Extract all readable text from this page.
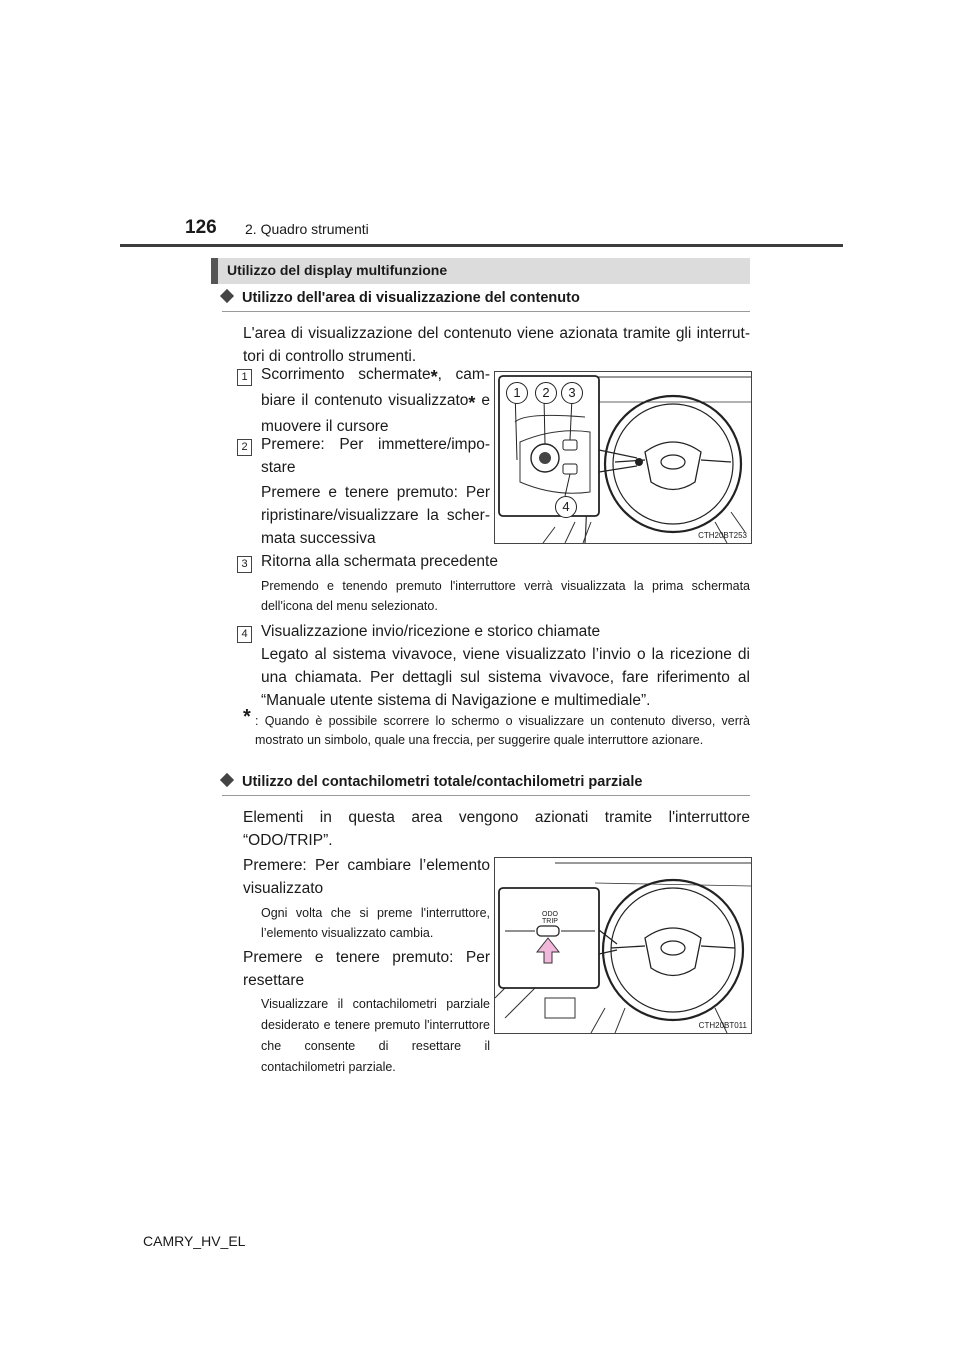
126 2. Quadro strumenti
Utilizzo del display multifunzione
Utilizzo dell'area di visualizzazione del contenuto
L'area di visualizzazione del contenuto viene azionata tramite gli interruttori di controllo strumenti.
1 Scorrimento schermate*, cambiare il contenuto visualizzato* e muovere il cursore
2 Premere: Per immettere/impostare
Premere e tenere premuto: Per ripristinare/visualizzare la schermata successiva
3 Ritorna alla schermata precedente
Premendo e tenendo premuto l'interruttore verrà visualizzata la prima schermata dell'icona del menu selezionato.
4 Visualizzazione invio/ricezione e storico chiamate
Legato al sistema vivavoce, viene visualizzato l’invio o la ricezione di una chiamata. Per dettagli sul sistema vivavoce, fare riferimento al “Manuale utente sistema di Navigazione e multimediale”.
* : Quando è possibile scorrere lo schermo o visualizzare un contenuto diverso, verrà mostrato un simbolo, quale una freccia, per suggerire quale interruttore azionare.
1	2	3
4
CTH20BT253
Utilizzo del contachilometri totale/contachilometri parziale
Elementi in questa area vengono azionati tramite l'interruttore “ODO/TRIP”.
Premere: Per cambiare l’elemento visualizzato
Ogni volta che si preme l'interruttore, l’elemento visualizzato cambia.
Premere e tenere premuto: Per resettare
Visualizzare il contachilometri parziale desiderato e tenere premuto l'interruttore che consente di resettare il contachilometri parziale.
ODO
TRIP
CTH20BT011
CAMRY_HV_EL
